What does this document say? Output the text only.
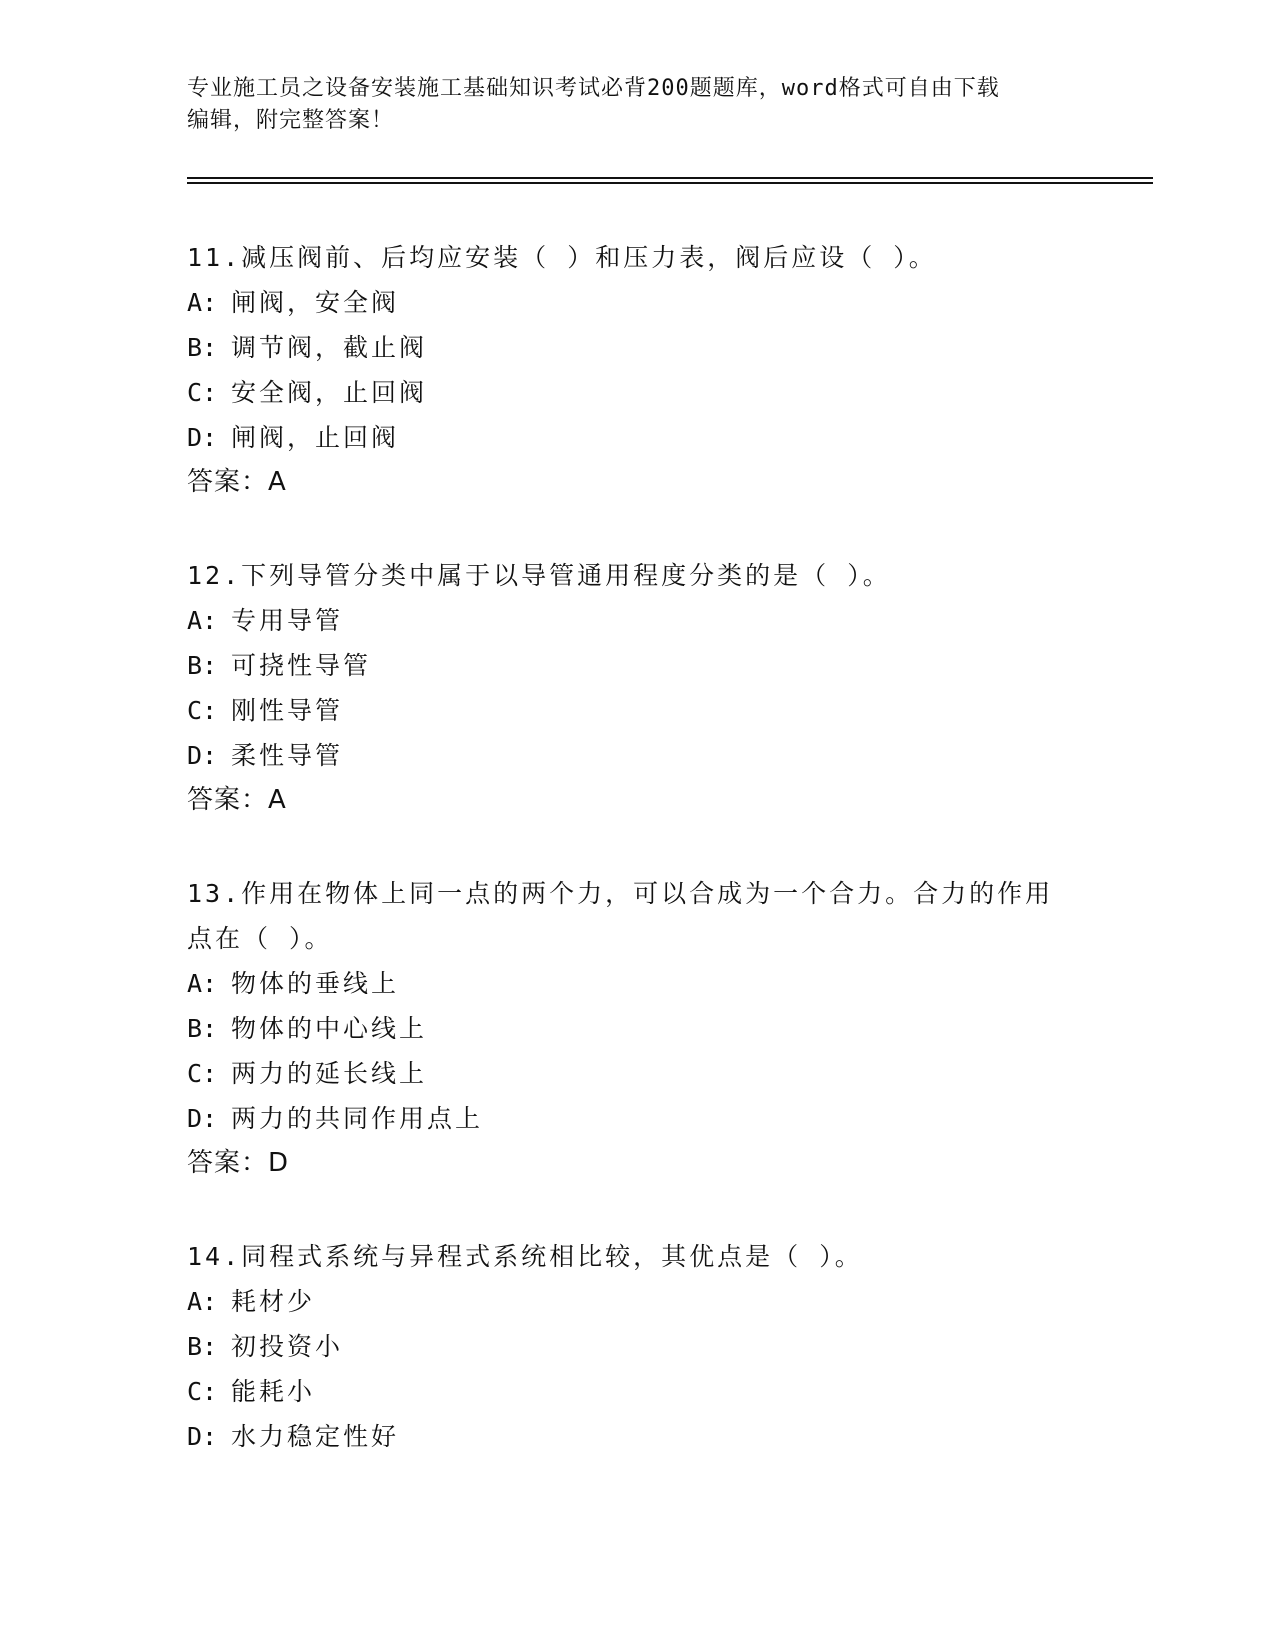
专业施工员之设备安装施工基础知识考试必背200题题库，word格式可自由下载
编辑，附完整答案！

11.减压阀前、后均应安装（ ）和压力表，阀后应设（ ）。

A: 闸阀，安全阀

B: 调节阀，截止阀

C: 安全阀，止回阀

D: 闸阀，止回阀

答案：A

12.下列导管分类中属于以导管通用程度分类的是（ ）。

A: 专用导管

B: 可挠性导管

C: 刚性导管

D: 柔性导管

答案：A

13.作用在物体上同一点的两个力，可以合成为一个合力。合力的作用

点在（ ）。

A: 物体的垂线上

B: 物体的中心线上

C: 两力的延长线上

D: 两力的共同作用点上

答案：D

14.同程式系统与异程式系统相比较，其优点是（ ）。

A: 耗材少

B: 初投资小

C: 能耗小

D: 水力稳定性好
